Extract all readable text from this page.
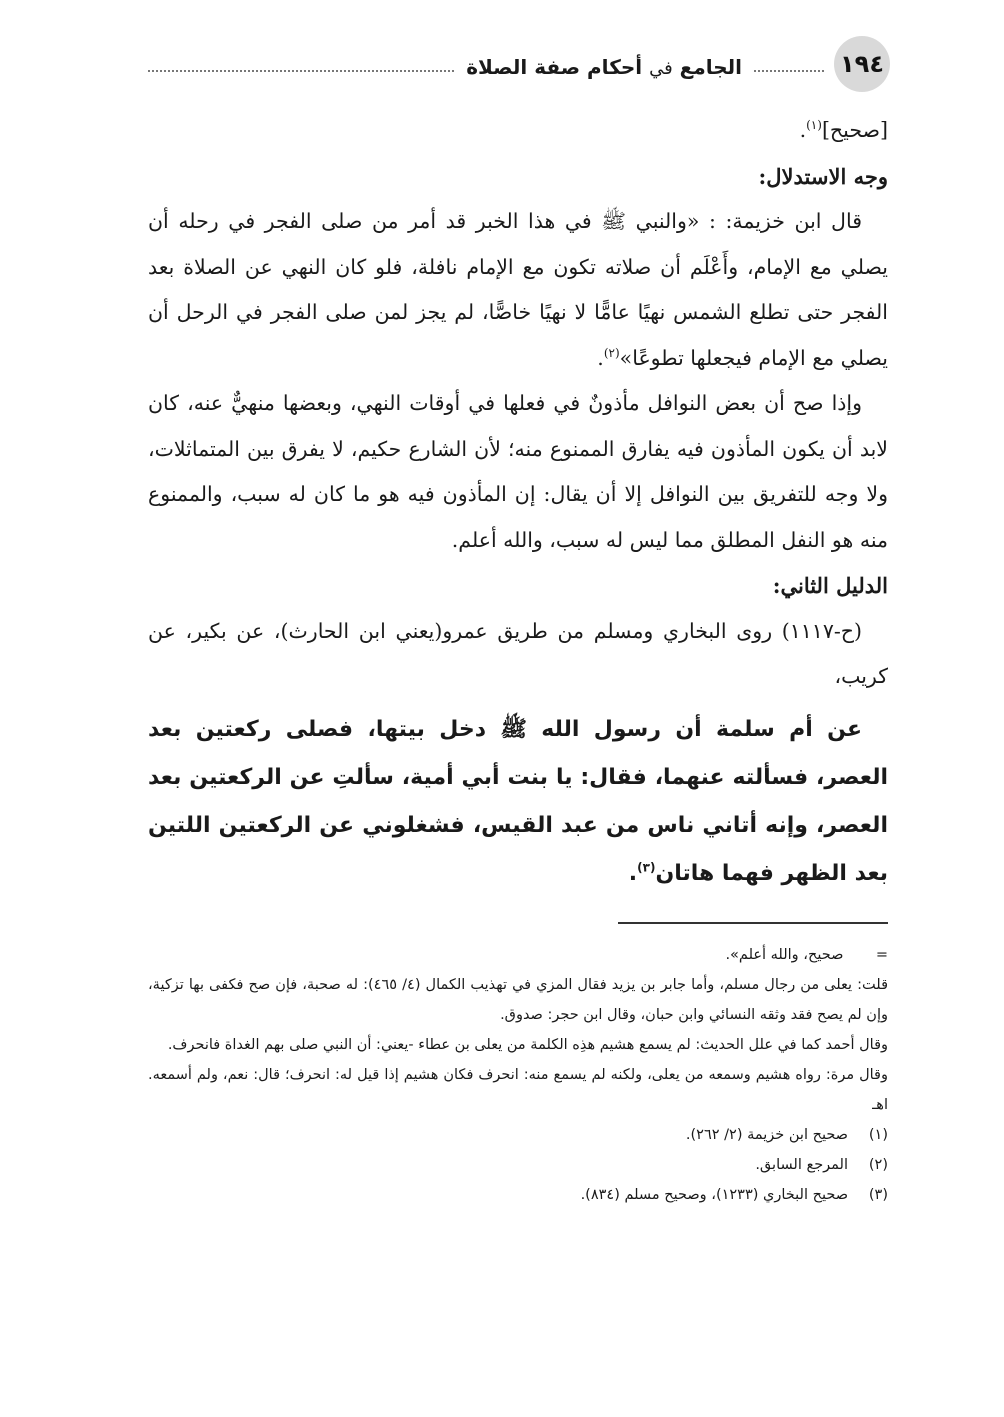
١٩٤
الجامع في أحكام صفة الصلاة

[صحيح]$^{(١)}$.

وجه الاستدلال:

قال ابن خزيمة: : «والنبي ﷺ في هذا الخبر قد أمر من صلى الفجر في رحله أن يصلي مع الإمام، وأَعْلَم أن صلاته تكون مع الإمام نافلة، فلو كان النهي عن الصلاة بعد الفجر حتى تطلع الشمس نهيًا عامًّا لا نهيًا خاصًّا، لم يجز لمن صلى الفجر في الرحل أن يصلي مع الإمام فيجعلها تطوعًا»$^{(٢)}$.

وإذا صح أن بعض النوافل مأذونٌ في فعلها في أوقات النهي، وبعضها منهيٌّ عنه، كان لابد أن يكون المأذون فيه يفارق الممنوع منه؛ لأن الشارع حكيم، لا يفرق بين المتماثلات، ولا وجه للتفريق بين النوافل إلا أن يقال: إن المأذون فيه هو ما كان له سبب، والممنوع منه هو النفل المطلق مما ليس له سبب، والله أعلم.

الدليل الثاني:

(ح-١١١٧) روى البخاري ومسلم من طريق عمرو(يعني ابن الحارث)، عن بكير، عن كريب،

عن أم سلمة أن رسول الله ﷺ دخل بيتها، فصلى ركعتين بعد العصر، فسألته عنهما، فقال: يا بنت أبي أمية، سألتِ عن الركعتين بعد العصر، وإنه أتاني ناس من عبد القيس، فشغلوني عن الركعتين اللتين بعد الظهر فهما هاتان$^{(٣)}$.

= صحيح، والله أعلم».

قلت: يعلى من رجال مسلم، وأما جابر بن يزيد فقال المزي في تهذيب الكمال (٤/ ٤٦٥): له صحبة، فإن صح فكفى بها تزكية، وإن لم يصح فقد وثقه النسائي وابن حبان، وقال ابن حجر: صدوق.

وقال أحمد كما في علل الحديث: لم يسمع هشيم هذِه الكلمة من يعلى بن عطاء -يعني: أن النبي صلى بهم الغداة فانحرف.

وقال مرة: رواه هشيم وسمعه من يعلى، ولكنه لم يسمع منه: انحرف فكان هشيم إذا قيل له: انحرف؛ قال: نعم، ولم أسمعه. اهـ

(١)
صحيح ابن خزيمة (٢/ ٢٦٢).
(٢)
المرجع السابق.
(٣)
صحيح البخاري (١٢٣٣)، وصحيح مسلم (٨٣٤).
